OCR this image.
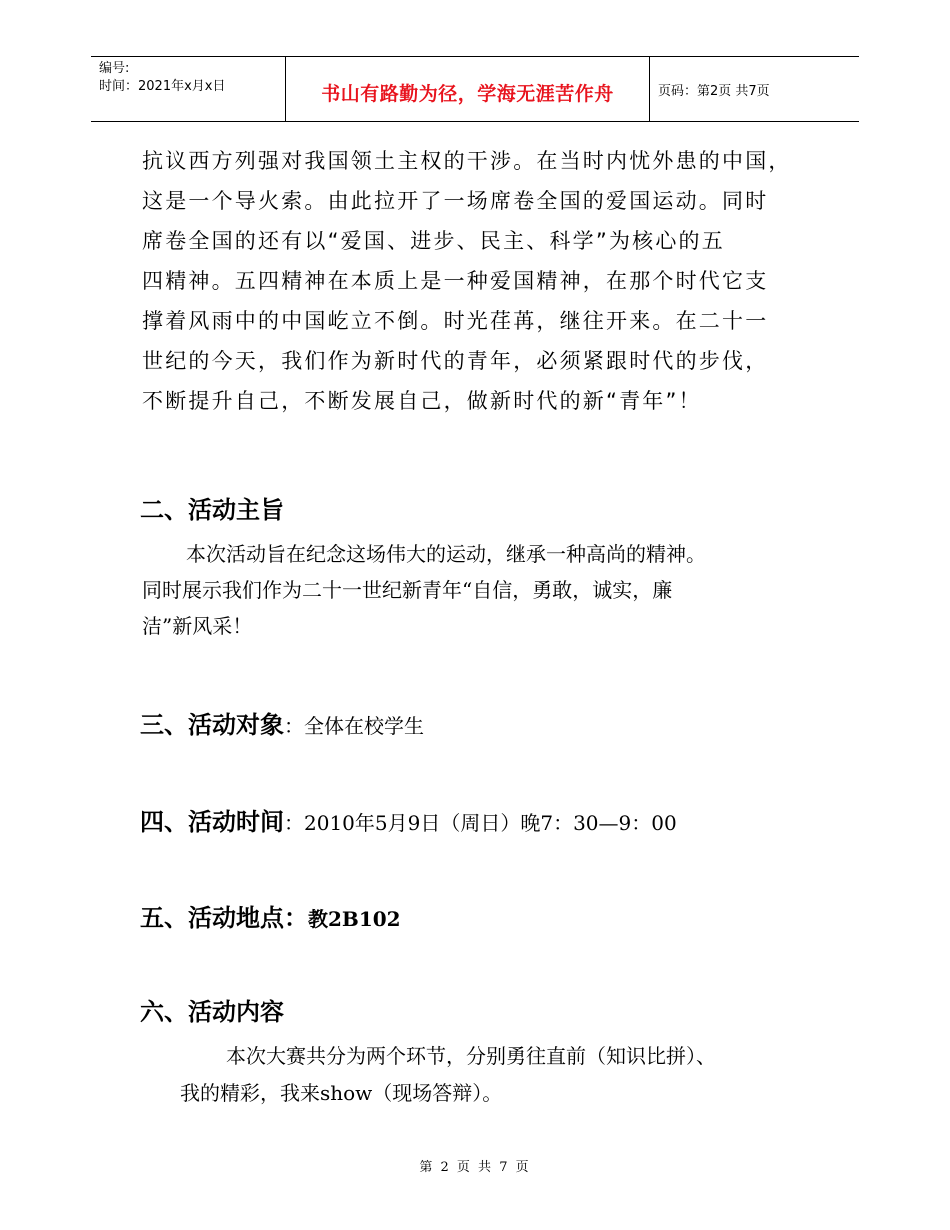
编号:
时间：2021年x月x日	书山有路勤为径，学海无涯苦作舟	页码：第2页 共7页
抗议西方列强对我国领土主权的干涉。在当时内忧外患的中国，
这是一个导火索。由此拉开了一场席卷全国的爱国运动。同时
席卷全国的还有以“爱国、进步、民主、科学”为核心的五
四精神。五四精神在本质上是一种爱国精神，在那个时代它支
撑着风雨中的中国屹立不倒。时光荏苒，继往开来。在二十一
世纪的今天，我们作为新时代的青年，必须紧跟时代的步伐，
不断提升自己，不断发展自己，做新时代的新“青年”！
二、活动主旨
本次活动旨在纪念这场伟大的运动，继承一种高尚的精神。
同时展示我们作为二十一世纪新青年“自信，勇敢，诚实，廉
洁”新风采！
三、活动对象：全体在校学生
四、活动时间：2010年5月9日（周日）晚7：30—9：00
五、活动地点：教2B102
六、活动内容
本次大赛共分为两个环节，分别勇往直前（知识比拼）、
我的精彩，我来show（现场答辩）。
第 2 页 共 7 页
